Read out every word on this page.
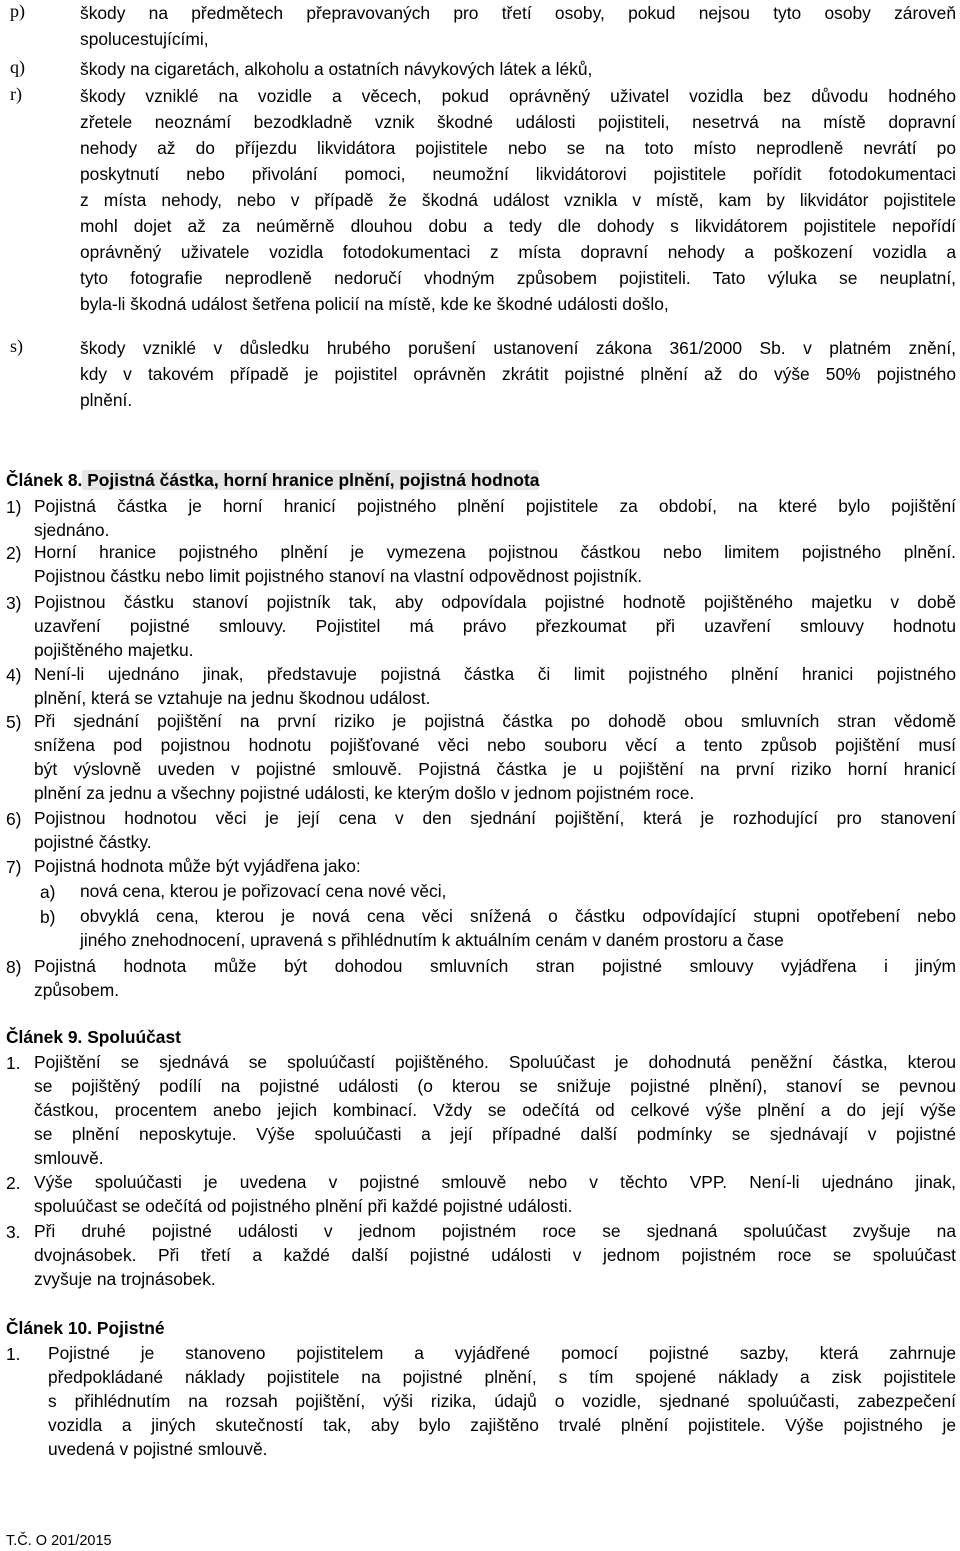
p)	škody na předmětech přepravovaných pro třetí osoby, pokud nejsou tyto osoby zároveň
spolucestujícími,
q)	škody na cigaretách, alkoholu a ostatních návykových látek a léků,
r)	škody vzniklé na vozidle a věcech, pokud oprávněný uživatel vozidla bez důvodu hodného
zřetele neoznámí bezodkladně vznik škodné události pojistiteli, nesetrvá na místě dopravní
nehody až do příjezdu likvidátora pojistitele nebo se na toto místo neprodleně nevrátí po
poskytnutí nebo přivolání pomoci, neumožní likvidátorovi pojistitele pořídit fotodokumentaci
z místa nehody, nebo v případě že škodná událost vznikla v místě, kam by likvidátor pojistitele
mohl dojet až za neúměrně dlouhou dobu a tedy dle dohody s likvidátorem pojistitele nepořídí
oprávněný uživatele vozidla fotodokumentaci z místa dopravní nehody a poškození vozidla a
tyto fotografie neprodleně nedoručí vhodným způsobem pojistiteli. Tato výluka se neuplatní,
byla-li škodná událost šetřena policií na místě, kde ke škodné události došlo,
s)	škody vzniklé v důsledku hrubého porušení ustanovení zákona 361/2000 Sb. v platném znění,
kdy v takovém případě je pojistitel oprávněn zkrátit pojistné plnění až do výše 50% pojistného
plnění.
Článek 8. Pojistná částka, horní hranice plnění, pojistná hodnota
1) Pojistná částka je horní hranicí pojistného plnění pojistitele za období, na které bylo pojištění
sjednáno.
2) Horní hranice pojistného plnění je vymezena pojistnou částkou nebo limitem pojistného plnění.
Pojistnou částku nebo limit pojistného stanoví na vlastní odpovědnost pojistník.
3) Pojistnou částku stanoví pojistník tak, aby odpovídala pojistné hodnotě pojištěného majetku v době
uzavření pojistné smlouvy. Pojistitel má právo přezkoumat při uzavření smlouvy hodnotu
pojištěného majetku.
4) Není-li ujednáno jinak, představuje pojistná částka či limit pojistného plnění hranici pojistného
plnění, která se vztahuje na jednu škodnou událost.
5) Při sjednání pojištění na první riziko je pojistná částka po dohodě obou smluvních stran vědomě
snížena pod pojistnou hodnotu pojišťované věci nebo souboru věcí a tento způsob pojištění musí
být výslovně uveden v pojistné smlouvě. Pojistná částka je u pojištění na první riziko horní hranicí
plnění za jednu a všechny pojistné události, ke kterým došlo v jednom pojistném roce.
6) Pojistnou hodnotou věci je její cena v den sjednání pojištění, která je rozhodující pro stanovení
pojistné částky.
7) Pojistná hodnota může být vyjádřena jako:
a) nová cena, kterou je pořizovací cena nové věci,
b) obvyklá cena, kterou je nová cena věci snížená o částku odpovídající stupni opotřebení nebo
jiného znehodnocení, upravená s přihlédnutím k aktuálním cenám v daném prostoru a čase
8) Pojistná hodnota může být dohodou smluvních stran pojistné smlouvy vyjádřena i jiným
způsobem.
Článek 9. Spoluúčast
1. Pojištění se sjednává se spoluúčastí pojištěného. Spoluúčast je dohodnutá peněžní částka, kterou
se pojištěný podílí na pojistné události (o kterou se snižuje pojistné plnění), stanoví se pevnou
částkou, procentem anebo jejich kombinací. Vždy se odečítá od celkové výše plnění a do její výše
se plnění neposkytuje. Výše spoluúčasti a její případné další podmínky se sjednávají v pojistné
smlouvě.
2. Výše spoluúčasti je uvedena v pojistné smlouvě nebo v těchto VPP. Není-li ujednáno jinak,
spoluúčast se odečítá od pojistného plnění při každé pojistné události.
3. Při druhé pojistné události v jednom pojistném roce se sjednaná spoluúčast zvyšuje na
dvojnásobek. Při třetí a každé další pojistné události v jednom pojistném roce se spoluúčast
zvyšuje na trojnásobek.
Článek 10. Pojistné
1. Pojistné je stanoveno pojistitelem a vyjádřené pomocí pojistné sazby, která zahrnuje
předpokládané náklady pojistitele na pojistné plnění, s tím spojené náklady a zisk pojistitele
s přihlédnutím na rozsah pojištění, výši rizika, údajů o vozidle, sjednané spoluúčasti, zabezpečení
vozidla a jiných skutečností tak, aby bylo zajištěno trvalé plnění pojistitele. Výše pojistného je
uvedená v pojistné smlouvě.
T.Č. O 201/2015
